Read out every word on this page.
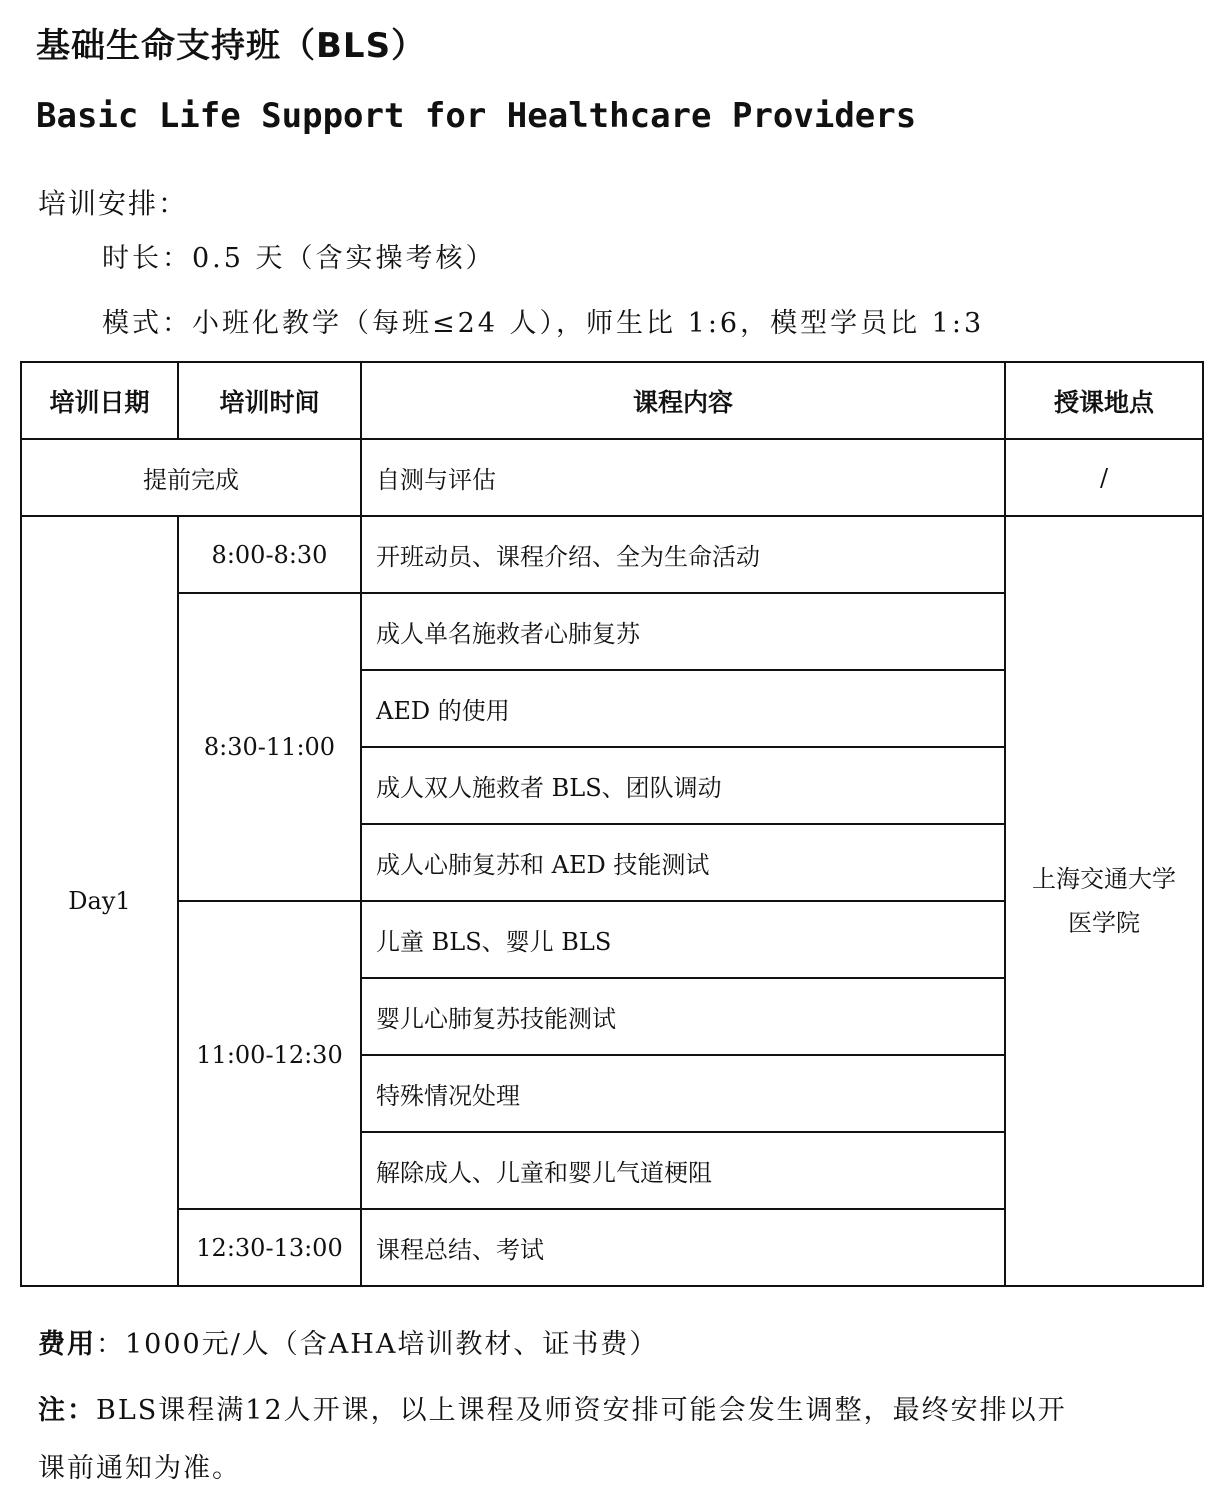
基础生命支持班（BLS）
Basic Life Support for Healthcare Providers
培训安排：
时长：0.5 天（含实操考核）
模式：小班化教学（每班≤24 人），师生比 1:6，模型学员比 1:3
培训日期	培训时间	课程内容	授课地点
提前完成		自测与评估	/
Day1	8:00-8:30	开班动员、课程介绍、全为生命活动	上海交通大学
医学院
	8:30-11:00	成人单名施救者心肺复苏	
		AED 的使用	
		成人双人施救者 BLS、团队调动	
		成人心肺复苏和 AED 技能测试	
	11:00-12:30	儿童 BLS、婴儿 BLS	
		婴儿心肺复苏技能测试	
		特殊情况处理	
		解除成人、儿童和婴儿气道梗阻	
	12:30-13:00	课程总结、考试	
费用：1000元/人（含AHA培训教材、证书费）
注：BLS课程满12人开课，以上课程及师资安排可能会发生调整，最终安排以开
课前通知为准。
